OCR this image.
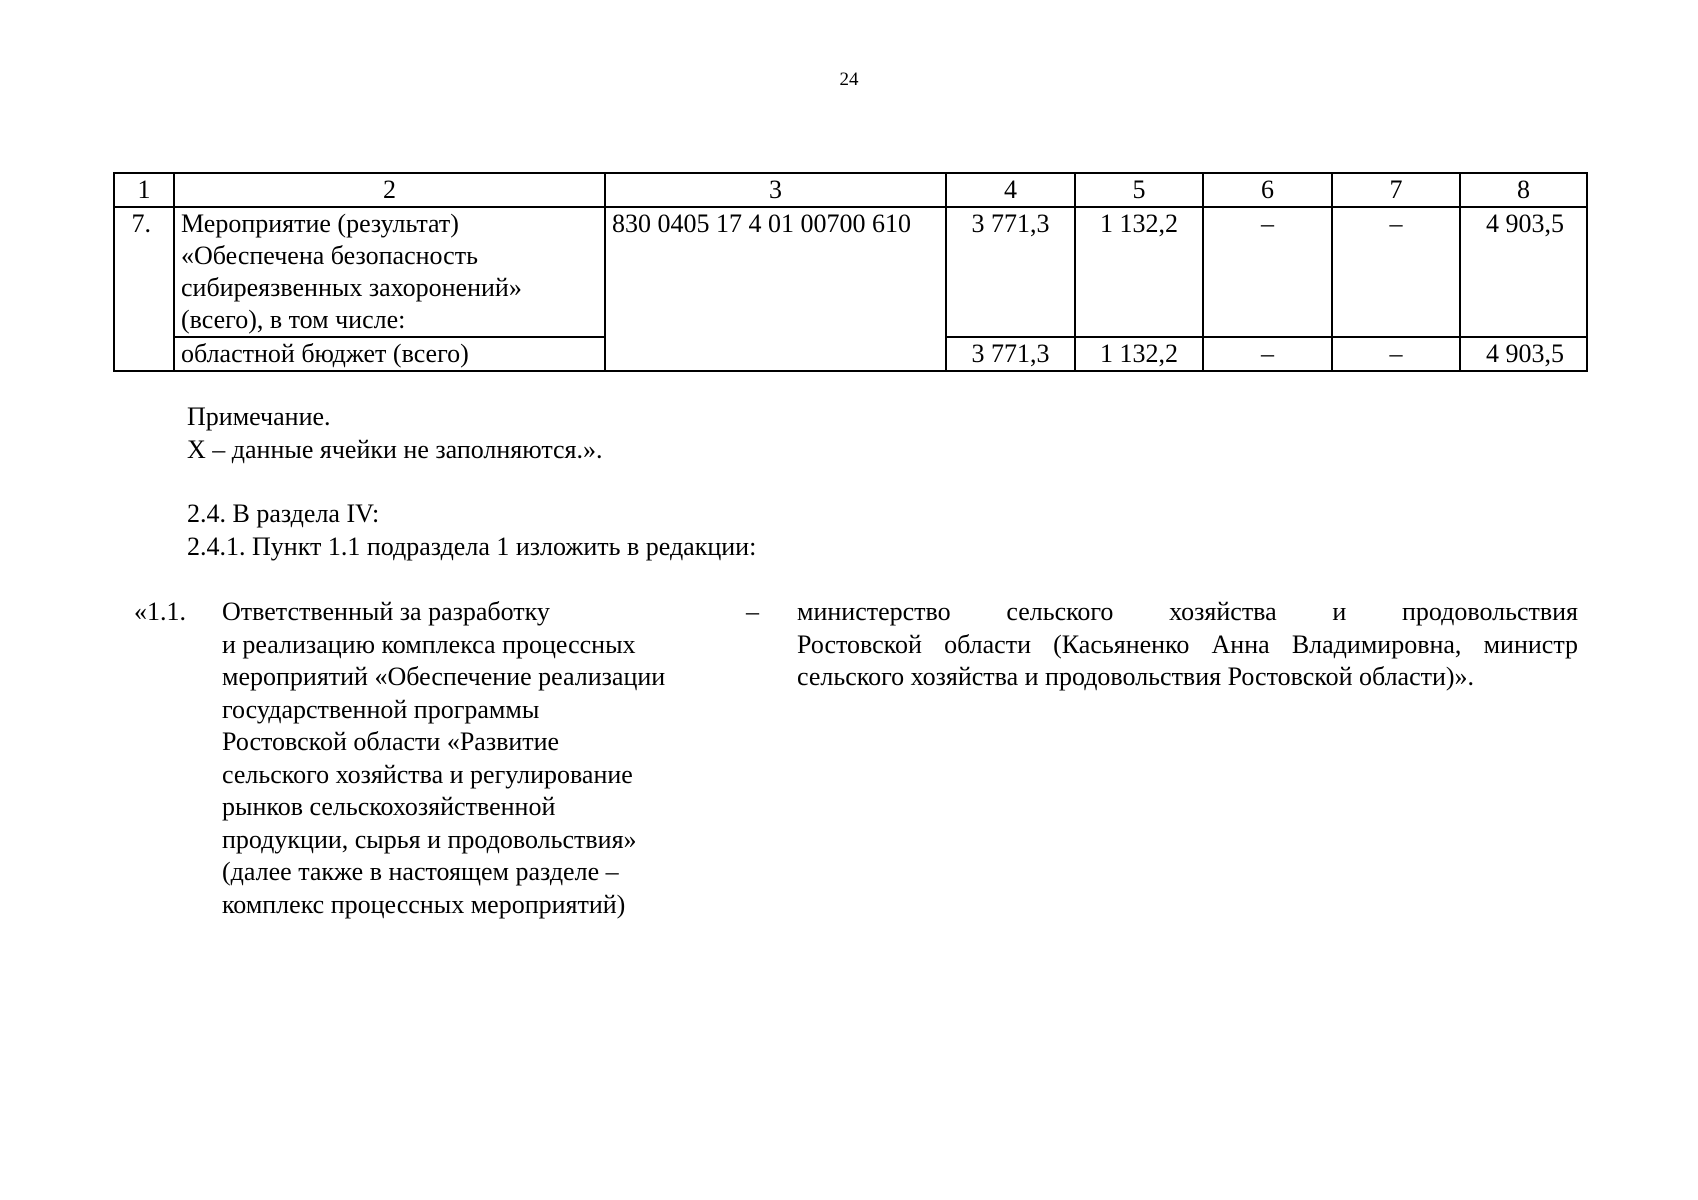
24
1	2	3	4	5	6	7	8
7.	Мероприятие (результат)
«Обеспечена безопасность
сибиреязвенных захоронений»
(всего), в том числе:	830 0405 17 4 01 00700 610	3 771,3	1 132,2	–	–	4 903,5
	областной бюджет (всего)		3 771,3	1 132,2	–	–	4 903,5
Примечание.
Х – данные ячейки не заполняются.».
2.4. В раздела IV:
2.4.1. Пункт 1.1 подраздела 1 изложить в редакции:
«1.1. Ответственный за разработку
и реализацию комплекса процессных
мероприятий «Обеспечение реализации
государственной программы
Ростовской области «Развитие
сельского хозяйства и регулирование
рынков сельскохозяйственной
продукции, сырья и продовольствия»
(далее также в настоящем разделе –
комплекс процессных мероприятий)
– министерство сельского хозяйства и продовольствия
Ростовской области (Касьяненко Анна Владимировна, министр
сельского хозяйства и продовольствия Ростовской области)».
